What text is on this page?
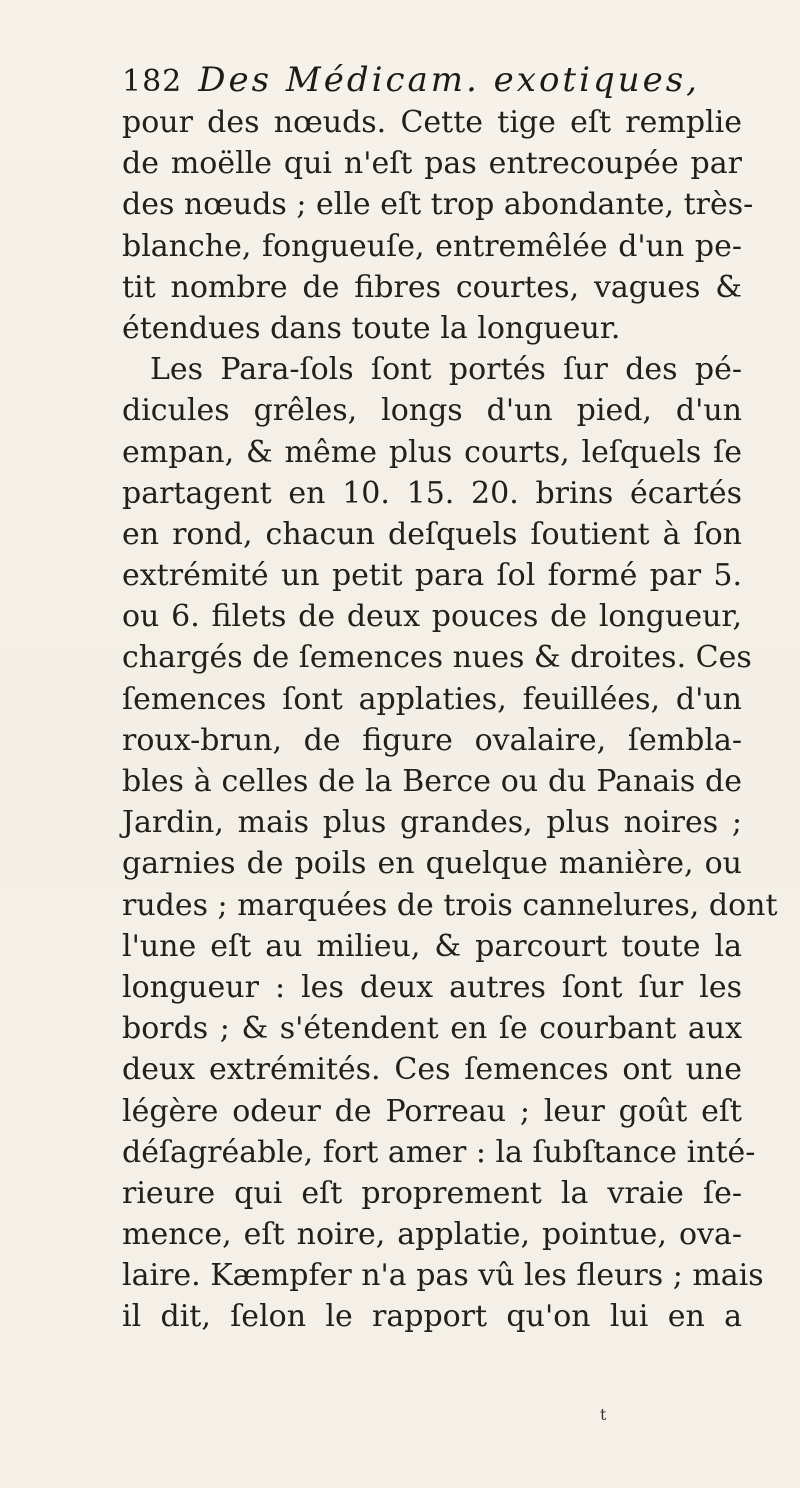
182 Des Médicam. exotiques,
pour des nœuds. Cette tige eſt remplie
de moëlle qui n'eſt pas entrecoupée par
des nœuds ; elle eſt trop abondante, très-
blanche, fongueuſe, entremêlée d'un pe-
tit nombre de fibres courtes, vagues &
étendues dans toute la longueur.
Les Para-ſols ſont portés ſur des pé-
dicules grêles, longs d'un pied, d'un
empan, & même plus courts, leſquels ſe
partagent en 10. 15. 20. brins écartés
en rond, chacun deſquels ſoutient à ſon
extrémité un petit para ſol formé par 5.
ou 6. filets de deux pouces de longueur,
chargés de ſemences nues & droites. Ces
ſemences ſont applaties, feuillées, d'un
roux-brun, de figure ovalaire, ſembla-
bles à celles de la Berce ou du Panais de
Jardin, mais plus grandes, plus noires ;
garnies de poils en quelque manière, ou
rudes ; marquées de trois cannelures, dont
l'une eſt au milieu, & parcourt toute la
longueur : les deux autres ſont ſur les
bords ; & s'étendent en ſe courbant aux
deux extrémités. Ces ſemences ont une
légère odeur de Porreau ; leur goût eſt
déſagréable, fort amer : la ſubſtance inté-
rieure qui eſt proprement la vraie ſe-
mence, eſt noire, applatie, pointue, ova-
laire. Kæmpfer n'a pas vû les fleurs ; mais
il dit, ſelon le rapport qu'on lui en a
t
